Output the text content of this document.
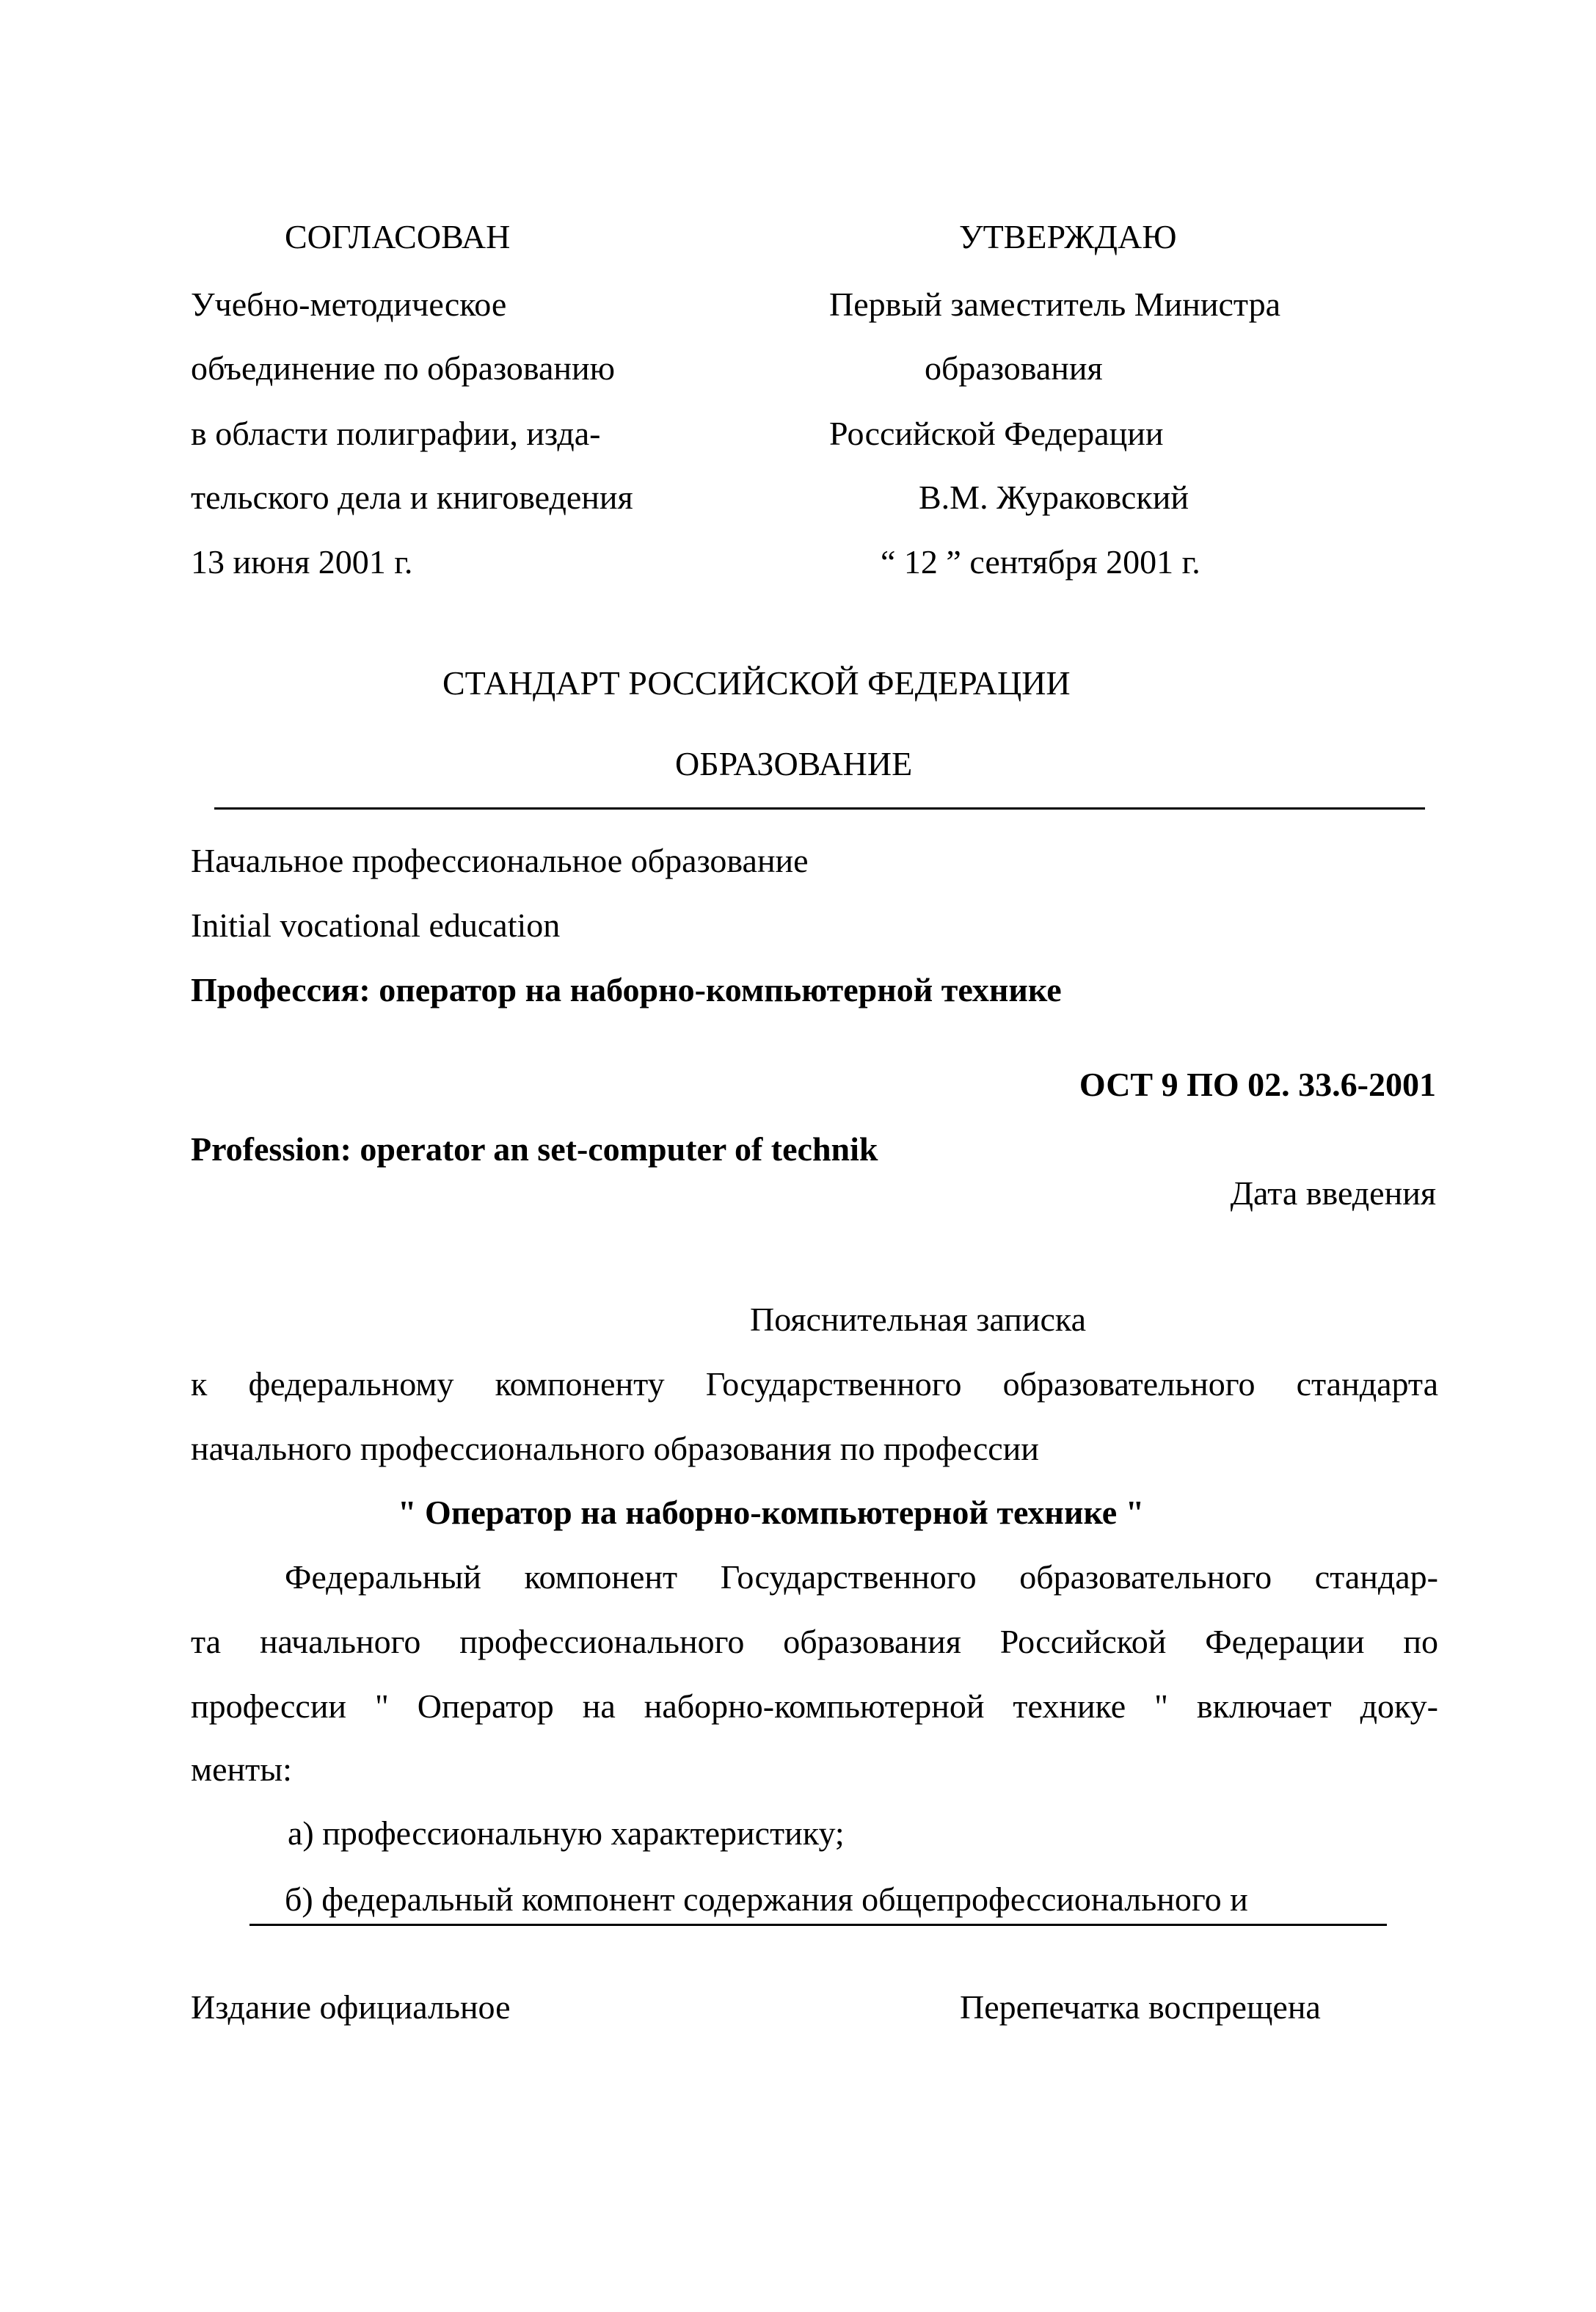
СОГЛАСОВАН
Учебно-методическое
объединение по образованию
в области полиграфии, изда-
тельского дела и книговедения
13 июня 2001 г.
УТВЕРЖДАЮ
Первый заместитель Министра
образования
Российской Федерации
В.М. Жураковский
“ 12 ” сентября 2001 г.
СТАНДАРТ РОССИЙСКОЙ ФЕДЕРАЦИИ
ОБРАЗОВАНИЕ
Начальное профессиональное образование
Initial vocational education
Профессия: оператор на наборно-компьютерной технике
ОСТ 9 ПО 02. 33.6-2001
Profession: operator an set-computer of technik
Дата введения
Пояснительная записка
к федеральному компоненту Государственного образовательного стандарта
начального профессионального образования по профессии
" Оператор на наборно-компьютерной технике "
Федеральный компонент Государственного образовательного стандар-
та начального профессионального образования Российской Федерации по
профессии " Оператор на наборно-компьютерной технике " включает доку-
менты:
а) профессиональную характеристику;
б) федеральный компонент содержания общепрофессионального и
Издание официальное	Перепечатка воспрещена
